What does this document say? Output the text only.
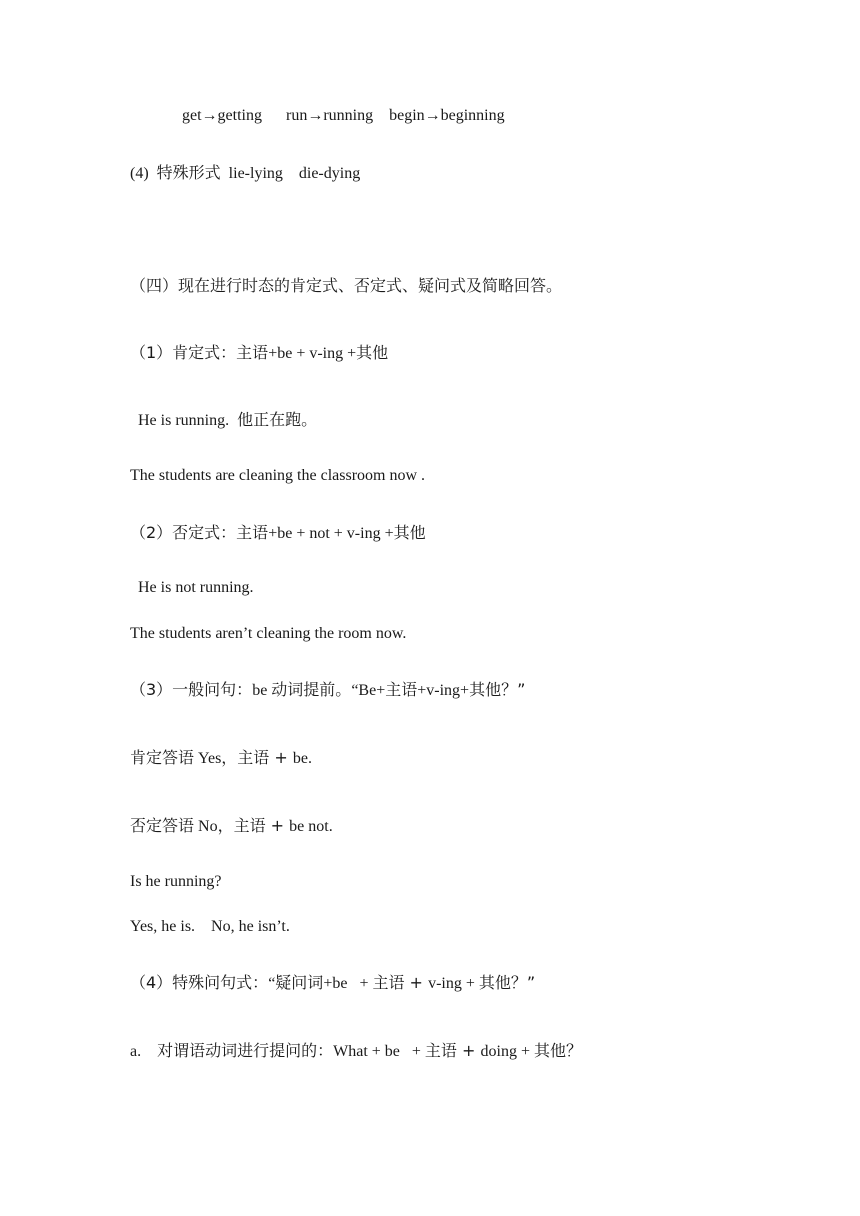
get→getting      run→running    begin→beginning
(4)  特殊形式  lie-lying    die-dying
（四）现在进行时态的肯定式、否定式、疑问式及简略回答。
（1）肯定式：主语+be + v-ing +其他
He is running.  他正在跑。
The students are cleaning the classroom now .
（2）否定式：主语+be + not + v-ing +其他
He is not running.
The students aren’t cleaning the room now.
（3）一般问句：be 动词提前。“Be+主语+v-ing+其他？”
肯定答语 Yes，主语 + be.
否定答语 No，主语 + be not.
Is he running?
Yes, he is.    No, he isn’t.
（4）特殊问句式：“疑问词+be   + 主语 + v-ing + 其他？”
a.    对谓语动词进行提问的：What + be   + 主语 + doing + 其他？
